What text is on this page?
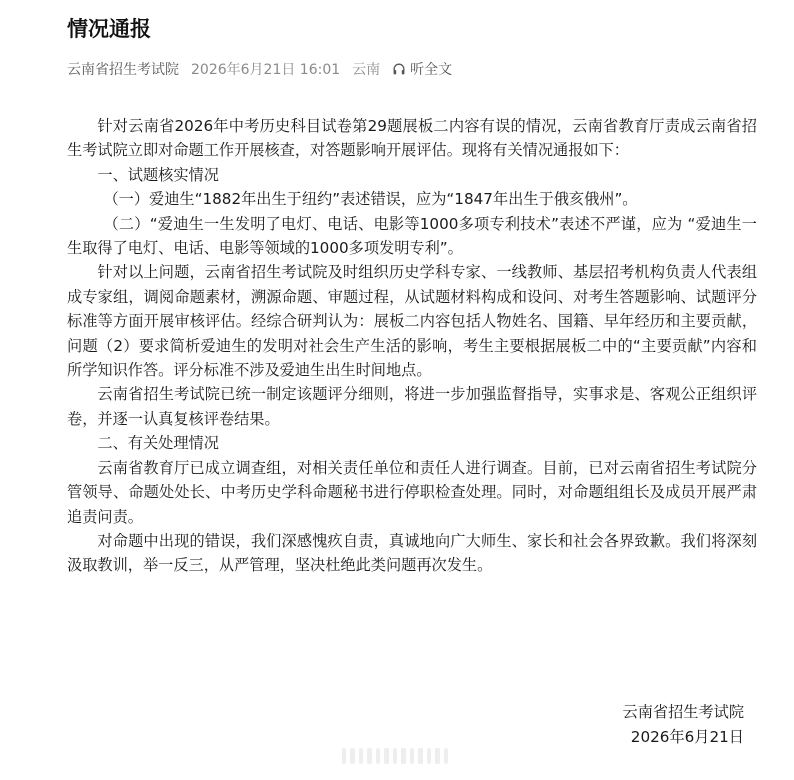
情况通报
云南省招生考试院 2026年6月21日 16:01 云南 听全文

针对云南省2026年中考历史科目试卷第29题展板二内容有误的情况，云南省教育厅责成云南省招生考试院立即对命题工作开展核查，对答题影响开展评估。现将有关情况通报如下：

一、试题核实情况

（一）爱迪生“1882年出生于纽约”表述错误，应为“1847年出生于俄亥俄州”。

（二）“爱迪生一生发明了电灯、电话、电影等1000多项专利技术”表述不严谨，应为 “爱迪生一生取得了电灯、电话、电影等领域的1000多项发明专利”。

针对以上问题，云南省招生考试院及时组织历史学科专家、一线教师、基层招考机构负责人代表组成专家组，调阅命题素材，溯源命题、审题过程，从试题材料构成和设问、对考生答题影响、试题评分标准等方面开展审核评估。经综合研判认为：展板二内容包括人物姓名、国籍、早年经历和主要贡献，问题（2）要求简析爱迪生的发明对社会生产生活的影响，考生主要根据展板二中的“主要贡献”内容和所学知识作答。评分标准不涉及爱迪生出生时间地点。

云南省招生考试院已统一制定该题评分细则，将进一步加强监督指导，实事求是、客观公正组织评卷，并逐一认真复核评卷结果。

二、有关处理情况

云南省教育厅已成立调查组，对相关责任单位和责任人进行调查。目前，已对云南省招生考试院分管领导、命题处处长、中考历史学科命题秘书进行停职检查处理。同时，对命题组组长及成员开展严肃追责问责。

对命题中出现的错误，我们深感愧疚自责，真诚地向广大师生、家长和社会各界致歉。我们将深刻汲取教训，举一反三，从严管理，坚决杜绝此类问题再次发生。

云南省招生考试院
2026年6月21日
